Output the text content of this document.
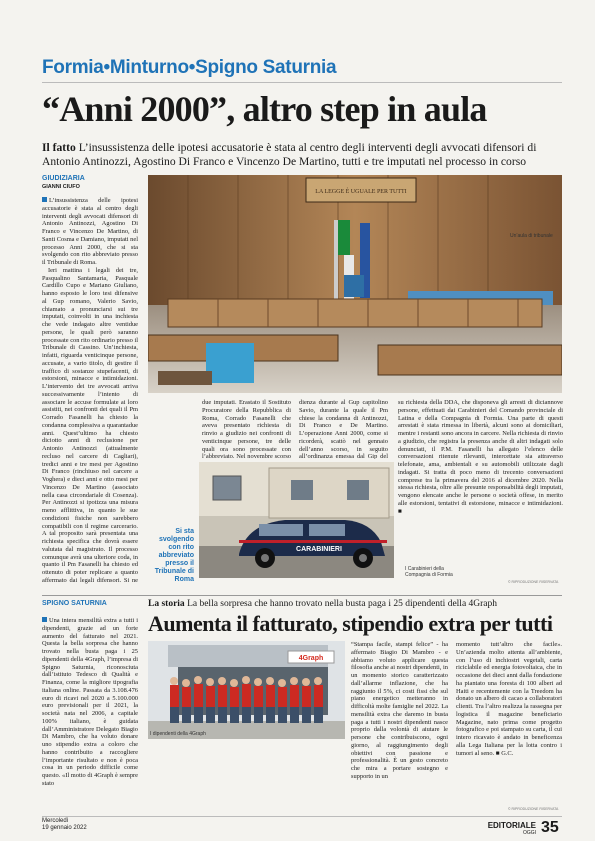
Formia•Minturno•Spigno Saturnia
“Anni 2000”, altro step in aula
Il fatto L’insussistenza delle ipotesi accusatorie è stata al centro degli interventi degli avvocati difensori di Antonio Antinozzi, Agostino Di Franco e Vincenzo De Martino, tutti e tre imputati nel processo in corso
GIUDIZIARIA
GIANNI CIUFO

L’insussistenza delle ipotesi accusatorie è stata al centro degli interventi degli avvocati difensori di Antonio Antinozzi, Agostino Di Franco e Vincenzo De Martino, di Santi Cosma e Damiano, imputati nel processo Anni 2000, che si sta svolgendo con rito abbreviato presso il Tribunale di Roma.

Ieri mattina i legali dei tre, Pasqualino Santamaria, Pasquale Cardillo Cupo e Mariano Giuliano, hanno esposto le loro tesi difensive al Gup romano, Valerio Savio, chiamato a pronunciarsi sui tre imputati, coinvolti in una inchiesta che vede indagato altre ventidue persone, le quali però saranno processate con rito ordinario presso il Tribunale di Cassino. Un’inchiesta, infatti, riguarda venticinque persone, accusate, a vario titolo, di gestire il traffico di sostanze stupefacenti, di estorsioni, minacce e intimidazioni. L’intervento dei tre avvocati arriva successivamente l’intento di associare le accuse formulate ai loro assistiti, nei confronti dei quali il Pm Corrado Fasanelli ha chiesto la condanna complessiva a quarantadue anni. Quest’ultimo ha chiesto diciotto anni di reclusione per Antonio Antinozzi (attualmente recluso nel carcere di Cagliari), tredici anni e tre mesi per Agostino Di Franco (rinchiuso nel carcere a Voghera) e dieci anni e otto mesi per Vincenzo De Martino (associato nella casa circondariale di Cosenza). Per Antinozzi si ipotizza una misura meno afflittiva, in quanto le sue condizioni fisiche non sarebbero compatibili con il regime carcerario. A tal proposito sarà presentata una richiesta specifica che dovrà essere valutata dal magistrato. Il processo comunque avrà una ulteriore coda, in quanto il Pm Fasanelli ha chiesto ed ottenuto di poter replicare a quanto affermato dai legali difensori. Si ne

LA LEGGE È UGUALE PER TUTTI
Un’aula di tribunale
due imputati. Erastato il Sostituto Procuratore della Repubblica di Roma, Corrado Fasanelli che aveva presentato richiesta di rinvio a giudizio nei confronti di venticinque persone, tre delle quali ora sono processate con l’abbreviato. Nel novembre scorso
dienza durante al Gup capitolino Savio, durante la quale il Pm chiese la condanna di Antinozzi, Di Franco e De Martino. L’operazione Anni 2000, come si ricorderà, scattò nel gennaio dell’anno scorso, in seguito all’ordinanza emessa dal Gip del
su richiesta della DDA, che disponeva gli arresti di diciannove persone, effettuati dai Carabinieri del Comando provinciale di Latina e della Compagnia di Formia. Una parte di questi arrestati è stata rimessa in libertà, alcuni sono ai domiciliari, mentre i restanti sono ancora in carcere. Nella richiesta di rinvio a giudizio, che registra la presenza anche di altri indagati solo denunciati, il P.M. Fasanelli ha allegato l’elenco delle conversazioni ritenute rilevanti, intercettate sia attraverso telefonate, ama, ambientali e su automobili utilizzate dagli indagati. Si tratta di poco meno di trecento conversazioni comprese tra la primavera del 2016 al dicembre 2020. Nella stessa richiesta, oltre alle presunte responsabilità degli imputati, vengono elencate anche le persone o società offese, in merito alle estorsioni, tentativi di estorsione, minacce e intimidazioni. ■
© RIPRODUZIONE RISERVATA
CARABINIERI
Si sta svolgendo con rito abbreviato presso il Tribunale di Roma
I Carabinieri della Compagnia di Formia
SPIGNO SATURNIA	La storia La bella sorpresa che hanno trovato nella busta paga i 25 dipendenti della 4Graph
Aumenta il fatturato, stipendio extra per tutti

Una intera mensilità extra a tutti i dipendenti, grazie ad un forte aumento del fatturato nel 2021. Questa la bella sorpresa che hanno trovato nella busta paga i 25 dipendenti della 4Graph, l’impresa di Spigno Saturnia, riconosciuta dall’istituto Tedesco di Qualità e Finanza, come la migliore tipografia italiana online. Passata da 3.108.476 euro di ricavi nel 2020 a 5.100.000 euro previsionali per il 2021, la società nata nel 2006, a capitale 100% italiano, è guidata dall’Amministratore Delegato Biagio Di Mambro, che ha voluto donare uno stipendio extra a coloro che hanno contribuito a raccogliere l’importante risultato e non è poca cosa in un periodo difficile come questo. «Il motto di 4Graph è sempre stato

4Graph
I dipendenti della 4Graph
“Stampa facile, stampi felice” - ha affermato Biagio Di Mambro - e abbiamo voluto applicare questa filosofia anche ai nostri dipendenti, in un momento storico caratterizzato dall’allarme inflazione, che ha raggiunto il 5%, ci costi fissi che sul piano energetico metteranno in difficoltà molte famiglie nel 2022. La mensilità extra che daremo in busta paga a tutti i nostri dipendenti nasce proprio dalla volontà di aiutare le persone che contribuiscono, ogni giorno, al raggiungimento degli obiettivi con passione e professionalità. È un gesto concreto che mira a portare sostegno e supporto in un
momento tutt’altro che facile». Un’azienda molto attenta all’ambiente, con l’uso di inchiostri vegetali, carta riciclabile ed energia fotovoltaica, che in occasione dei dieci anni dalla fondazione ha piantato una foresta di 100 alberi ad Haiti e recentemente con la Treedom ha donato un albero di cacao a collaboratori clienti. Tra l’altro realizza la rassegna per logistica il magazine beneficiario Magazine, nato prima come progetto fotografico e poi stampato su carta, il cui intero ricavato è andato in beneficenza alla Lega Italiana per la lotta contro i tumori al seno. ■ G.C.
© RIPRODUZIONE RISERVATA
Mercoledì
19 gennaio 2022	EDITORIALE
OGGI 35
